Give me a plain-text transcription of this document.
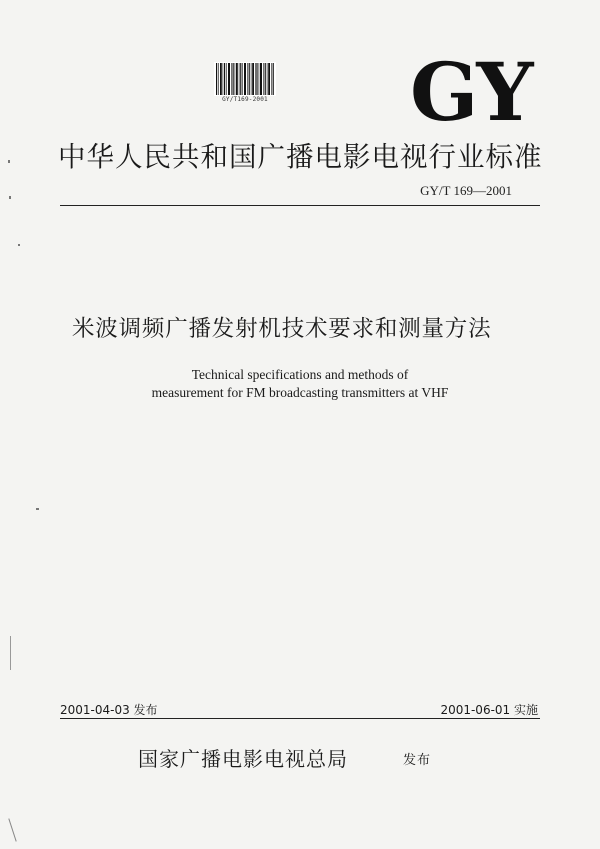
GY/T169-2001 GY
中华人民共和国广播电影电视行业标准
GY/T 169—2001
米波调频广播发射机技术要求和测量方法
Technical specifications and methods of
measurement for FM broadcasting transmitters at VHF
2001-04-03 发布	2001-06-01 实施
国家广播电影电视总局	发布
